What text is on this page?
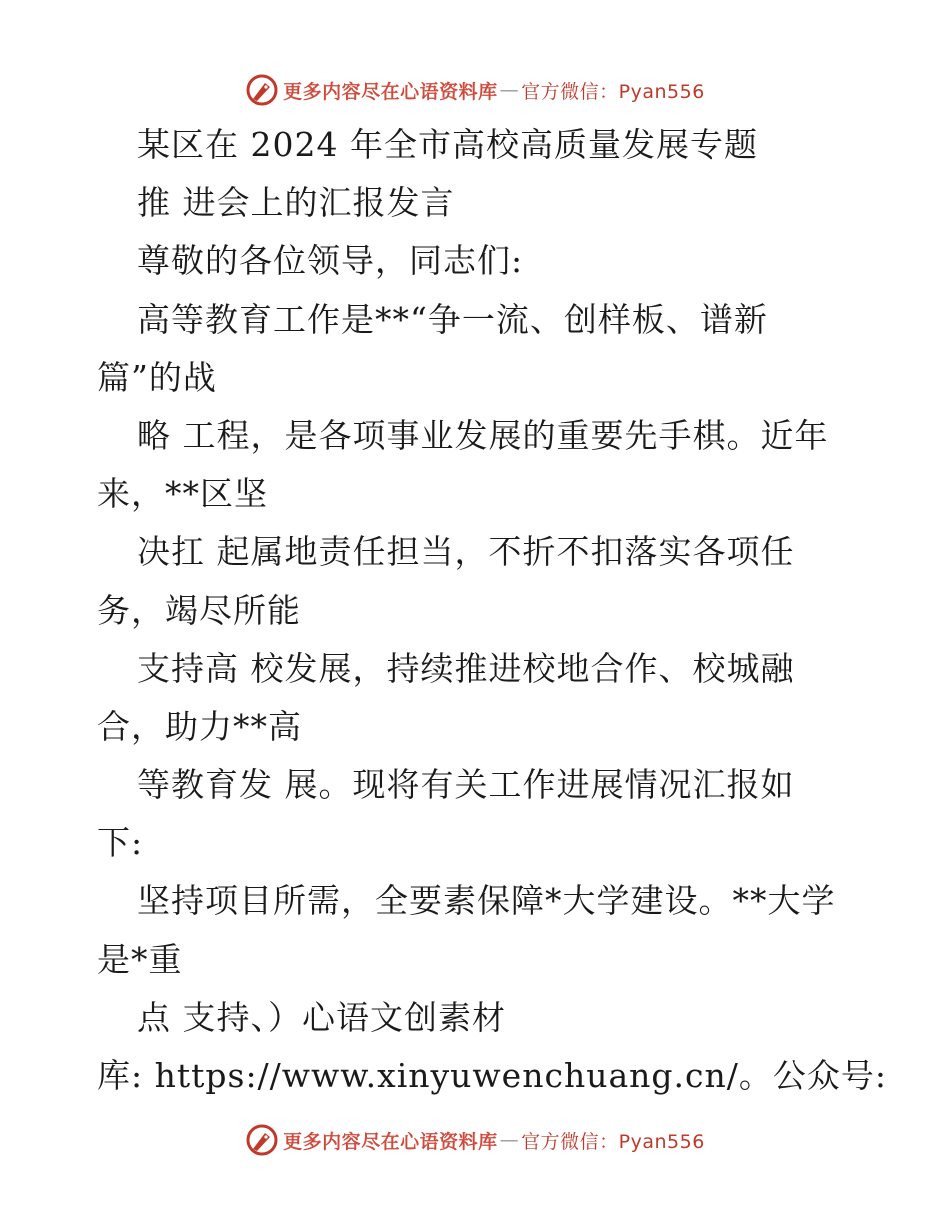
更多内容尽在心语资料库 — 官方微信：Pyan556
某区在 2024 年全市高校高质量发展专题
推 进会上的汇报发言
尊敬的各位领导，同志们:
高等教育工作是**“争一流、创样板、谱新
篇”的战
略 工程，是各项事业发展的重要先手棋。近年
来，**区坚
决扛 起属地责任担当，不折不扣落实各项任
务，竭尽所能
支持高 校发展，持续推进校地合作、校城融
合，助力**高
等教育发 展。现将有关工作进展情况汇报如
下:
坚持项目所需，全要素保障*大学建设。**大学
是*重
点 支持、）心语文创素材
库: https://www.xinyuwenchuang.cn/。公众号:
更多内容尽在心语资料库 — 官方微信：Pyan556
